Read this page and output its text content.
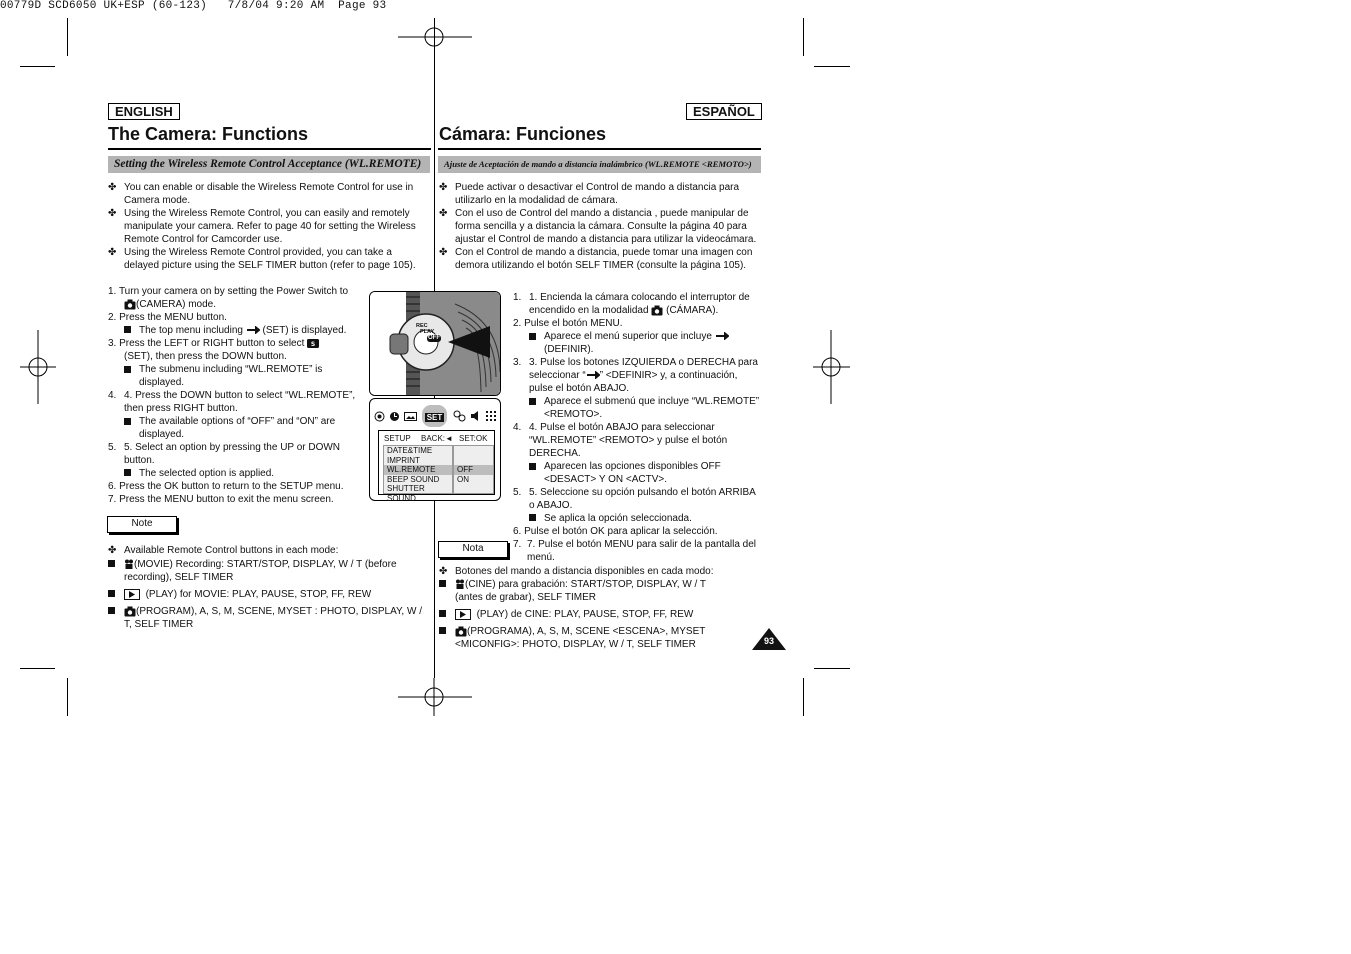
00779D SCD6050 UK+ESP (60-123)   7/8/04 9:20 AM  Page 93
ENGLISH	ESPAÑOL
The Camera: Functions	Cámara: Funciones
Setting the Wireless Remote Control Acceptance (WL.REMOTE)	Ajuste de Aceptación de mando a distancia inalámbrico (WL.REMOTE <REMOTO>)
✤ You can enable or disable the Wireless Remote Control for use in Camera mode.
✤ Using the Wireless Remote Control, you can easily and remotely manipulate your camera. Refer to page 40 for setting the Wireless Remote Control for Camcorder use.
✤ Using the Wireless Remote Control provided, you can take a delayed picture using the SELF TIMER button (refer to page 105).

1. Turn your camera on by setting the Power Switch to

(CAMERA) mode.

2. Press the MENU button.

The top menu including (SET) is displayed.

3. Press the LEFT or RIGHT button to select S

(SET), then press the DOWN button.

The submenu including “WL.REMOTE” is displayed.
4. 4. Press the DOWN button to select “WL.REMOTE”, then press RIGHT button.
The available options of “OFF” and “ON” are displayed.
5. 5. Select an option by pressing the UP or DOWN button.

The selected option is applied.

6. Press the OK button to return to the SETUP menu.

7. Press the MENU button to exit the menu screen.

REC
PLAY
OFF
SET
SETUP BACK:◄ SET:OK
DATE&TIME
IMPRINT
WL.REMOTE
BEEP SOUND
SHUTTER SOUND
OFF
ON
Note
✤ Available Remote Control buttons in each mode:
(MOVIE) Recording: START/STOP, DISPLAY, W / T (before recording), SELF TIMER
(PLAY) for MOVIE: PLAY, PAUSE, STOP, FF, REW
(PROGRAM), A, S, M, SCENE, MYSET : PHOTO, DISPLAY, W / T, SELF TIMER
✤ Puede activar o desactivar el Control de mando a distancia para utilizarlo en la modalidad de cámara.
✤ Con el uso de Control del mando a distancia , puede manipular de forma sencilla y a distancia la cámara. Consulte la página 40 para ajustar el Control de mando a distancia para utilizar la videocámara.
✤ Con el Control de mando a distancia, puede tomar una imagen con demora utilizando el botón SELF TIMER (consulte la página 105).
1. 1. Encienda la cámara colocando el interruptor de encendido en la modalidad (CÁMARA).

2. Pulse el botón MENU.

Aparece el menú superior que incluye  (DEFINIR).
3. 3. Pulse los botones IZQUIERDA o DERECHA para seleccionar “ ” <DEFINIR> y, a continuación, pulse el botón ABAJO.
Aparece el submenú que incluye “WL.REMOTE” <REMOTO>.
4. 4. Pulse el botón ABAJO para seleccionar “WL.REMOTE” <REMOTO> y pulse el botón DERECHA.
Aparecen las opciones disponibles OFF <DESACT> Y ON <ACTV>.
5. 5. Seleccione su opción pulsando el botón ARRIBA o ABAJO.

Se aplica la opción seleccionada.

6. Pulse el botón OK para aplicar la selección.

7. 7. Pulse el botón MENU para salir de la pantalla del menú.
Nota
✤ Botones del mando a distancia disponibles en cada modo:
(CINE) para grabación: START/STOP, DISPLAY, W / T (antes de grabar), SELF TIMER
(PLAY) de CINE: PLAY, PAUSE, STOP, FF, REW
(PROGRAMA), A, S, M, SCENE <ESCENA>, MYSET <MICONFIG>: PHOTO, DISPLAY, W / T, SELF TIMER	93
